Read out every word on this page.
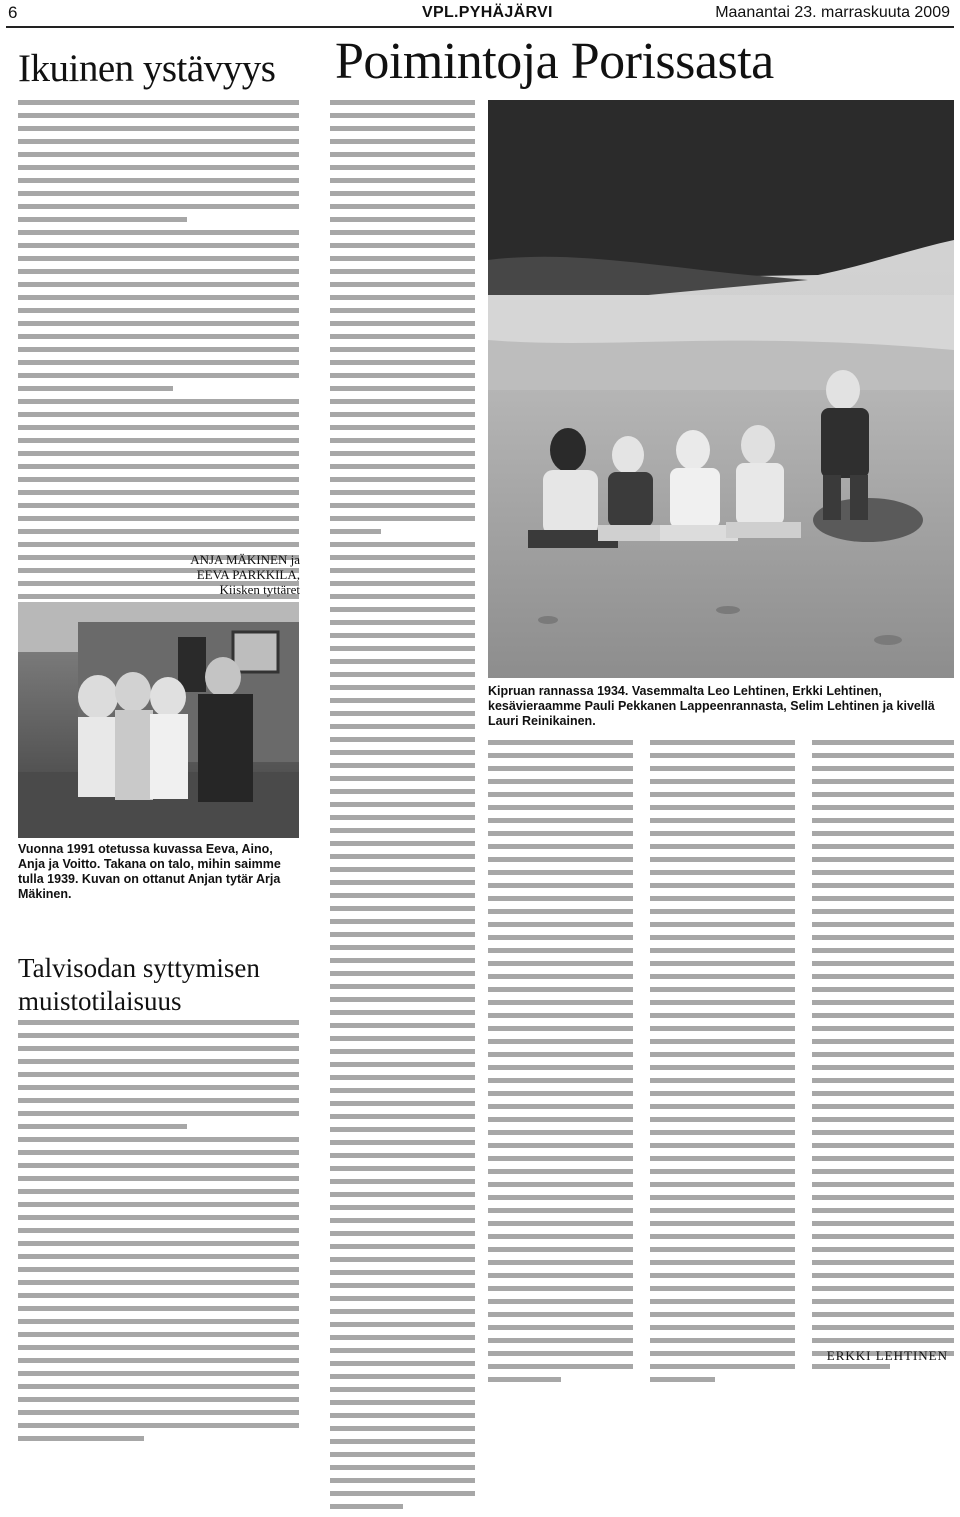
6	VPL.PYHÄJÄRVI	Maanantai 23. marraskuuta 2009
Ikuinen ystävyys Poimintoja Porissasta
ANJA MÄKINEN ja
EEVA PARKKILA,
Kiisken tyttäret
Vuonna 1991 otetussa kuvassa Eeva, Aino, Anja ja Voitto. Takana on talo, mihin saimme tulla 1939. Kuvan on ottanut Anjan tytär Arja Mäkinen.
Talvisodan syttymisen
muistotilaisuus
Kipruan rannassa 1934. Vasemmalta Leo Lehtinen, Erkki Lehtinen, kesävieraamme Pauli Pekkanen Lappeenrannasta, Selim Lehtinen ja kivellä Lauri Reinikainen.
ERKKI LEHTINEN
